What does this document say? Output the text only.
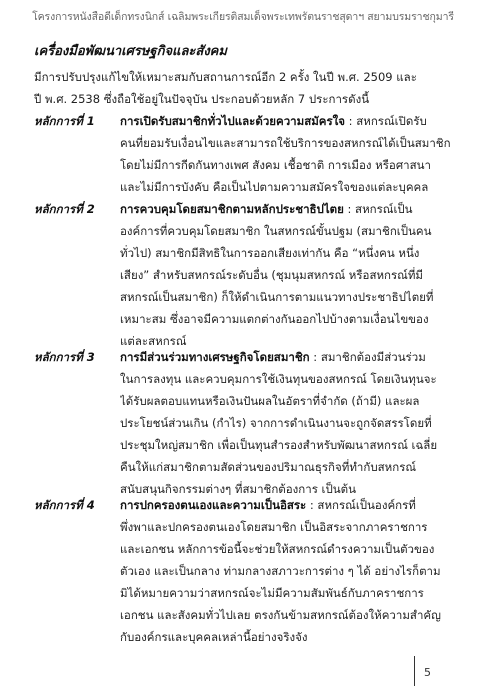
โครงการหนังสือดีเด็กทรงนิกส์ เฉลิมพระเกียรติสมเด็จพระเทพรัตนราชสุดาฯ สยามบรมราชกุมารี
เครื่องมือพัฒนาเศรษฐกิจและสังคม

มีการปรับปรุงแก้ไขให้เหมาะสมกับสถานการณ์อีก 2 ครั้ง ในปี พ.ศ. 2509 และ

ปี พ.ศ. 2538 ซึ่งถือใช้อยู่ในปัจจุบัน ประกอบด้วยหลัก 7 ประการดังนี้

หลักการที่ 1	การเปิดรับสมาชิกทั่วไปและด้วยความสมัครใจ : สหกรณ์เปิดรับ
คนที่ยอมรับเงื่อนไขและสามารถใช้บริการของสหกรณ์ได้เป็นสมาชิก
โดยไม่มีการกีดกันทางเพศ สังคม เชื้อชาติ การเมือง หรือศาสนา
และไม่มีการบังคับ คือเป็นไปตามความสมัครใจของแต่ละบุคคล
หลักการที่ 2	การควบคุมโดยสมาชิกตามหลักประชาธิปไตย : สหกรณ์เป็น
องค์การที่ควบคุมโดยสมาชิก ในสหกรณ์ขั้นปฐม (สมาชิกเป็นคน
ทั่วไป) สมาชิกมีสิทธิในการออกเสียงเท่ากัน คือ “หนึ่งคน หนึ่ง
เสียง” สำหรับสหกรณ์ระดับอื่น (ชุมนุมสหกรณ์ หรือสหกรณ์ที่มี
สหกรณ์เป็นสมาชิก) ก็ให้ดำเนินการตามแนวทางประชาธิปไตยที่
เหมาะสม ซึ่งอาจมีความแตกต่างกันออกไปบ้างตามเงื่อนไขของ
แต่ละสหกรณ์
หลักการที่ 3	การมีส่วนร่วมทางเศรษฐกิจโดยสมาชิก : สมาชิกต้องมีส่วนร่วม
ในการลงทุน และควบคุมการใช้เงินทุนของสหกรณ์ โดยเงินทุนจะ
ได้รับผลตอบแทนหรือเงินปันผลในอัตราที่จำกัด (ถ้ามี) และผล
ประโยชน์ส่วนเกิน (กำไร) จากการดำเนินงานจะถูกจัดสรรโดยที่
ประชุมใหญ่สมาชิก เพื่อเป็นทุนสำรองสำหรับพัฒนาสหกรณ์ เฉลี่ย
คืนให้แก่สมาชิกตามสัดส่วนของปริมาณธุรกิจที่ทำกับสหกรณ์
สนับสนุนกิจกรรมต่างๆ ที่สมาชิกต้องการ เป็นต้น
หลักการที่ 4	การปกครองตนเองและความเป็นอิสระ : สหกรณ์เป็นองค์กรที่
พึ่งพาและปกครองตนเองโดยสมาชิก เป็นอิสระจากภาคราชการ
และเอกชน หลักการข้อนี้จะช่วยให้สหกรณ์ดำรงความเป็นตัวของ
ตัวเอง และเป็นกลาง ท่ามกลางสภาวะการต่าง ๆ ได้ อย่างไรก็ตาม
มิได้หมายความว่าสหกรณ์จะไม่มีความสัมพันธ์กับภาคราชการ
เอกชน และสังคมทั่วไปเลย ตรงกันข้ามสหกรณ์ต้องให้ความสำคัญ
กับองค์กรและบุคคลเหล่านี้อย่างจริงจัง
5
